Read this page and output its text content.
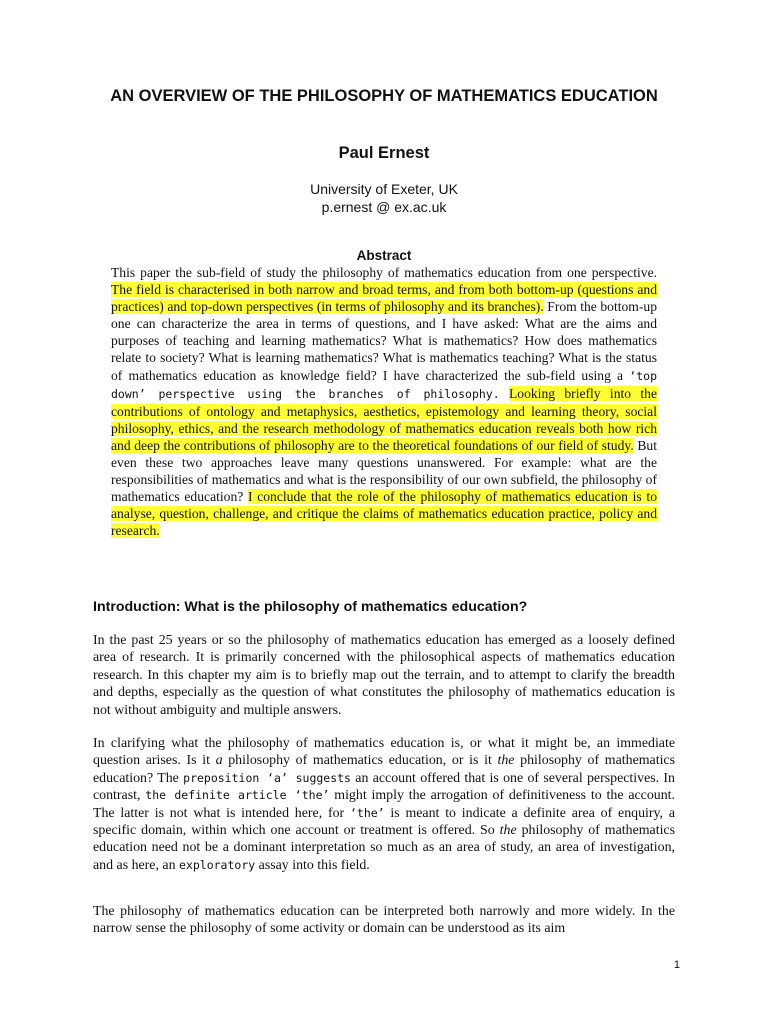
AN OVERVIEW OF THE PHILOSOPHY OF MATHEMATICS EDUCATION
Paul Ernest
University of Exeter, UK
p.ernest @ ex.ac.uk
Abstract

This paper the sub-field of study the philosophy of mathematics education from one perspective. The field is characterised in both narrow and broad terms, and from both bottom-up (questions and practices) and top-down perspectives (in terms of philosophy and its branches). From the bottom-up one can characterize the area in terms of questions, and I have asked: What are the aims and purposes of teaching and learning mathematics? What is mathematics? How does mathematics relate to society? What is learning mathematics? What is mathematics teaching? What is the status of mathematics education as knowledge field? I have characterized the sub-field using a ‘top down’ perspective using the branches of philosophy. Looking briefly into the contributions of ontology and metaphysics, aesthetics, epistemology and learning theory, social philosophy, ethics, and the research methodology of mathematics education reveals both how rich and deep the contributions of philosophy are to the theoretical foundations of our field of study. But even these two approaches leave many questions unanswered. For example: what are the responsibilities of mathematics and what is the responsibility of our own subfield, the philosophy of mathematics education? I conclude that the role of the philosophy of mathematics education is to analyse, question, challenge, and critique the claims of mathematics education practice, policy and research.

Introduction: What is the philosophy of mathematics education?

In the past 25 years or so the philosophy of mathematics education has emerged as a loosely defined area of research. It is primarily concerned with the philosophical aspects of mathematics education research. In this chapter my aim is to briefly map out the terrain, and to attempt to clarify the breadth and depths, especially as the question of what constitutes the philosophy of mathematics education is not without ambiguity and multiple answers.

In clarifying what the philosophy of mathematics education is, or what it might be, an immediate question arises. Is it a philosophy of mathematics education, or is it the philosophy of mathematics education? The preposition ‘a’ suggests an account offered that is one of several perspectives. In contrast, the definite article ‘the’ might imply the arrogation of definitiveness to the account. The latter is not what is intended here, for ‘the’ is meant to indicate a definite area of enquiry, a specific domain, within which one account or treatment is offered. So the philosophy of mathematics education need not be a dominant interpretation so much as an area of study, an area of investigation, and as here, an exploratory assay into this field.

The philosophy of mathematics education can be interpreted both narrowly and more widely. In the narrow sense the philosophy of some activity or domain can be understood as its aim

1
